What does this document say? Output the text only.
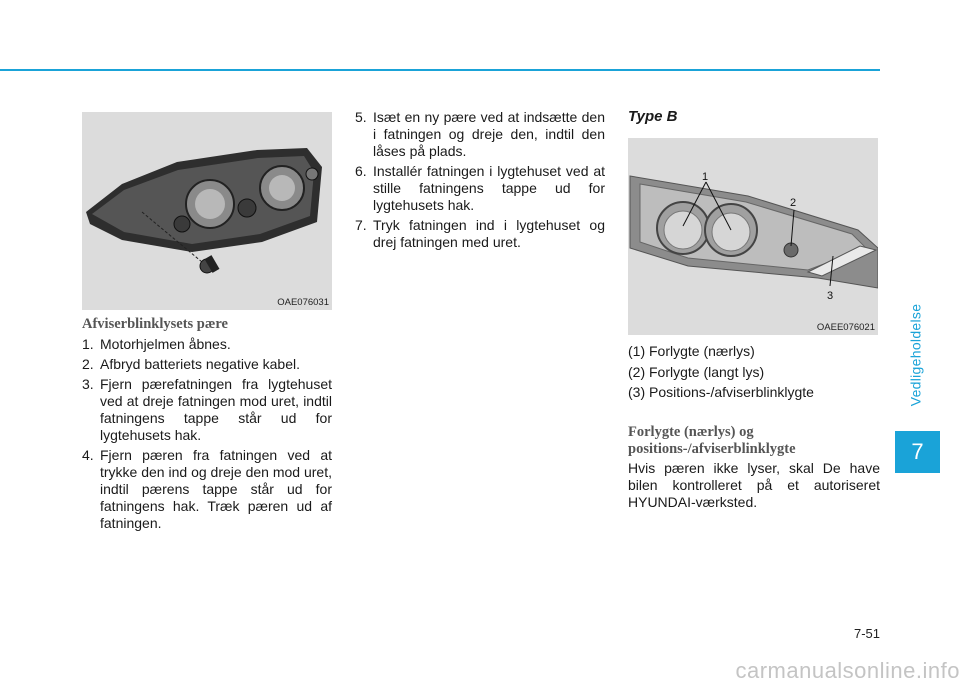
Vedligeholdelse
7
OAE076031
Afviserblinklysets pære
1. Motorhjelmen åbnes.
2. Afbryd batteriets negative kabel.
3. Fjern pærefatningen fra lygtehuset ved at dreje fatningen mod uret, indtil fatningens tappe står ud for lygtehusets hak.
4. Fjern pæren fra fatningen ved at trykke den ind og dreje den mod uret, indtil pærens tappe står ud for fatningens hak. Træk pæren ud af fatningen.
5. Isæt en ny pære ved at indsætte den i fatningen og dreje den, indtil den låses på plads.
6. Installér fatningen i lygtehuset ved at stille fatningens tappe ud for lygtehusets hak.
7. Tryk fatningen ind i lygtehuset og drej fatningen med uret.
Type B
1
2
3
OAEE076021
(1) Forlygte (nærlys)
(2) Forlygte (langt lys)
(3) Positions-/afviserblinklygte
Forlygte (nærlys) og positions-/afviserblinklygte

Hvis pæren ikke lyser, skal De have bilen kontrolleret på et autoriseret HYUNDAI-værksted.

7-51
carmanualsonline.info
